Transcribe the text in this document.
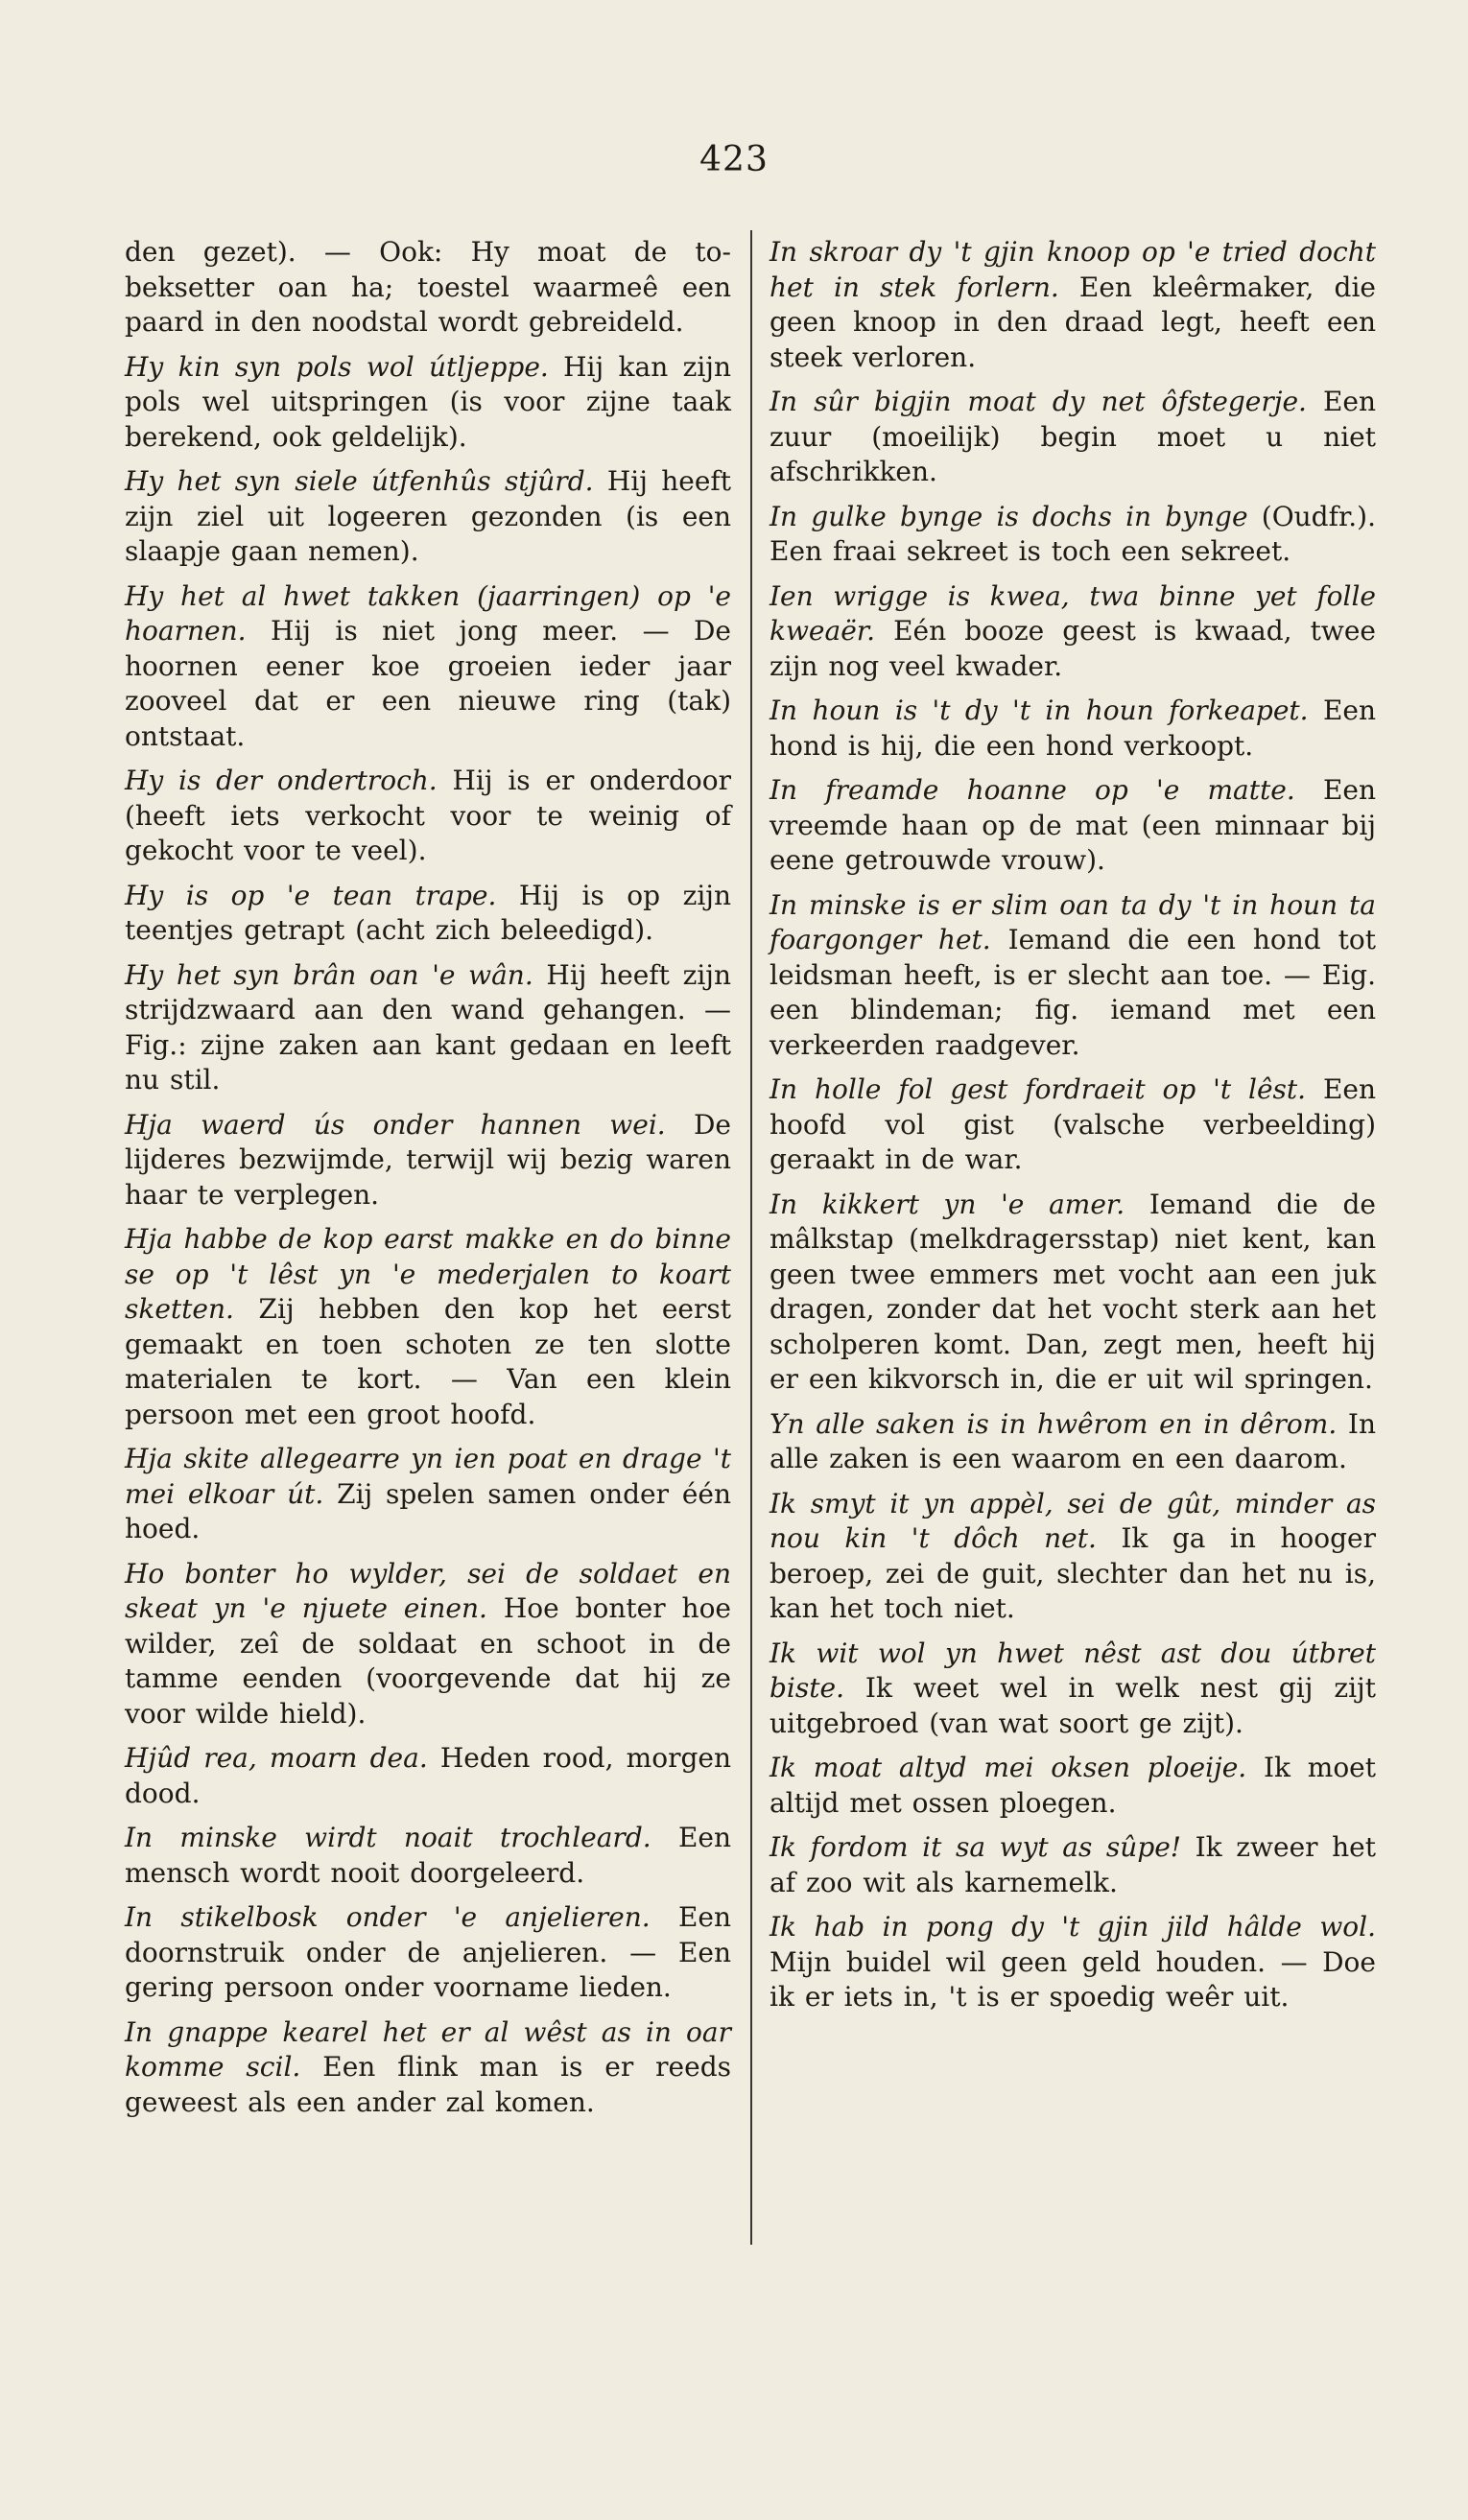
423

den gezet). — Ook: Hy moat de to-beksetter oan ha; toestel waarmeê een paard in den noodstal wordt gebreideld.

Hy kin syn pols wol útljeppe. Hij kan zijn pols wel uitspringen (is voor zijne taak berekend, ook geldelijk).

Hy het syn siele útfenhûs stjûrd. Hij heeft zijn ziel uit logeeren gezonden (is een slaapje gaan nemen).

Hy het al hwet takken (jaarringen) op 'e hoarnen. Hij is niet jong meer. — De hoornen eener koe groeien ieder jaar zooveel dat er een nieuwe ring (tak) ontstaat.

Hy is der ondertroch. Hij is er onderdoor (heeft iets verkocht voor te weinig of gekocht voor te veel).

Hy is op 'e tean trape. Hij is op zijn teentjes getrapt (acht zich beleedigd).

Hy het syn brân oan 'e wân. Hij heeft zijn strijdzwaard aan den wand gehangen. — Fig.: zijne zaken aan kant gedaan en leeft nu stil.

Hja waerd ús onder hannen wei. De lijderes bezwijmde, terwijl wij bezig waren haar te verplegen.

Hja habbe de kop earst makke en do binne se op 't lêst yn 'e mederjalen to koart sketten. Zij hebben den kop het eerst gemaakt en toen schoten ze ten slotte materialen te kort. — Van een klein persoon met een groot hoofd.

Hja skite allegearre yn ien poat en drage 't mei elkoar út. Zij spelen samen onder één hoed.

Ho bonter ho wylder, sei de soldaet en skeat yn 'e njuete einen. Hoe bonter hoe wilder, zeî de soldaat en schoot in de tamme eenden (voorgevende dat hij ze voor wilde hield).

Hjûd rea, moarn dea. Heden rood, morgen dood.

In minske wirdt noait trochleard. Een mensch wordt nooit doorgeleerd.

In stikelbosk onder 'e anjelieren. Een doornstruik onder de anjelieren. — Een gering persoon onder voorname lieden.

In gnappe kearel het er al wêst as in oar komme scil. Een flink man is er reeds geweest als een ander zal komen.

In skroar dy 't gjin knoop op 'e tried docht het in stek forlern. Een kleêrmaker, die geen knoop in den draad legt, heeft een steek verloren.

In sûr bigjin moat dy net ôfstegerje. Een zuur (moeilijk) begin moet u niet afschrikken.

In gulke bynge is dochs in bynge (Oudfr.). Een fraai sekreet is toch een sekreet.

Ien wrigge is kwea, twa binne yet folle kweaër. Eén booze geest is kwaad, twee zijn nog veel kwader.

In houn is 't dy 't in houn forkeapet. Een hond is hij, die een hond verkoopt.

In freamde hoanne op 'e matte. Een vreemde haan op de mat (een minnaar bij eene getrouwde vrouw).

In minske is er slim oan ta dy 't in houn ta foargonger het. Iemand die een hond tot leidsman heeft, is er slecht aan toe. — Eig. een blindeman; fig. iemand met een verkeerden raadgever.

In holle fol gest fordraeit op 't lêst. Een hoofd vol gist (valsche verbeelding) geraakt in de war.

In kikkert yn 'e amer. Iemand die de mâlkstap (melkdragersstap) niet kent, kan geen twee emmers met vocht aan een juk dragen, zonder dat het vocht sterk aan het scholperen komt. Dan, zegt men, heeft hij er een kikvorsch in, die er uit wil springen.

Yn alle saken is in hwêrom en in dêrom. In alle zaken is een waarom en een daarom.

Ik smyt it yn appèl, sei de gût, minder as nou kin 't dôch net. Ik ga in hooger beroep, zei de guit, slechter dan het nu is, kan het toch niet.

Ik wit wol yn hwet nêst ast dou útbret biste. Ik weet wel in welk nest gij zijt uitgebroed (van wat soort ge zijt).

Ik moat altyd mei oksen ploeije. Ik moet altijd met ossen ploegen.

Ik fordom it sa wyt as sûpe! Ik zweer het af zoo wit als karnemelk.

Ik hab in pong dy 't gjin jild hâlde wol. Mijn buidel wil geen geld houden. — Doe ik er iets in, 't is er spoedig weêr uit.
